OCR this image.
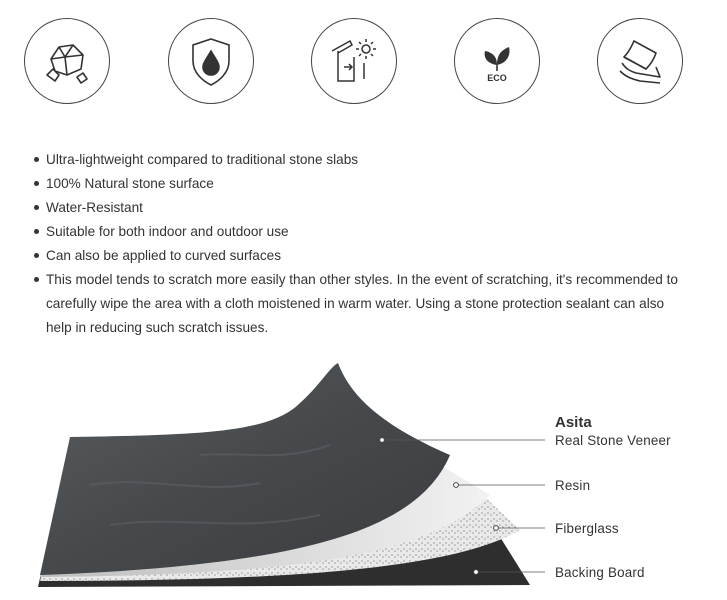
ECO
Ultra-lightweight compared to traditional stone slabs
100% Natural stone surface
Water-Resistant
Suitable for both indoor and outdoor use
Can also be applied to curved surfaces
This model tends to scratch more easily than other styles. In the event of scratching, it's recommended to carefully wipe the area with a cloth moistened in warm water. Using a stone protection sealant can also help in reducing such scratch issues.
Asita
Real Stone Veneer
Resin
Fiberglass
Backing Board
